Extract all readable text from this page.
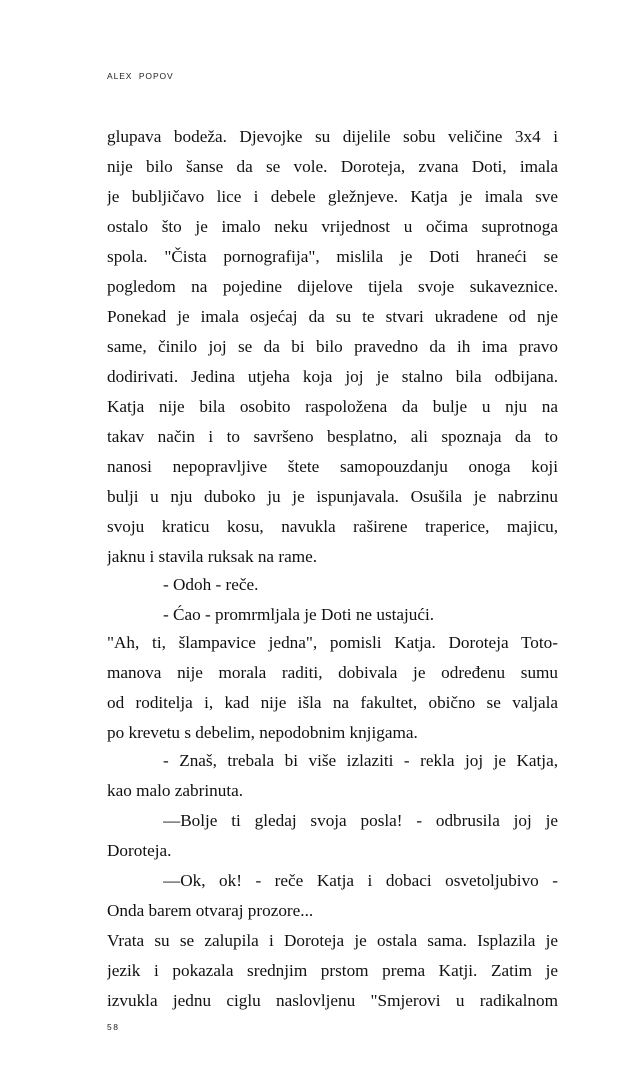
ALEX  POPOV
glupava bodeža. Djevojke su dijelile sobu veličine 3x4 i
nije bilo šanse da se vole. Doroteja, zvana Doti, imala
je bubljičavo lice i debele gležnjeve. Katja je imala sve
ostalo što je imalo neku vrijednost u očima suprotnoga
spola. "Čista pornografija", mislila je Doti hraneći se
pogledom na pojedine dijelove tijela svoje sukaveznice.
Ponekad je imala osjećaj da su te stvari ukradene od nje
same, činilo joj se da bi bilo pravedno da ih ima pravo
dodirivati. Jedina utjeha koja joj je stalno bila odbijana.
Katja nije bila osobito raspoložena da bulje u nju na
takav način i to savršeno besplatno, ali spoznaja da to
nanosi nepopravljive štete samopouzdanju onoga koji
bulji u nju duboko ju je ispunjavala. Osušila je nabrzinu
svoju kraticu kosu, navukla raširene traperice, majicu,
jaknu i stavila ruksak na rame.
- Odoh - reče.
- Ćao - promrmljala je Doti ne ustajući.
"Ah, ti, šlampavice jedna", pomisli Katja. Doroteja Toto-
manova nije morala raditi, dobivala je određenu sumu
od roditelja i, kad nije išla na fakultet, obično se valjala
po krevetu s debelim, nepodobnim knjigama.
- Znaš, trebala bi više izlaziti - rekla joj je Katja,
kao malo zabrinuta.
—Bolje ti gledaj svoja posla! - odbrusila joj je
Doroteja.
—Ok, ok! - reče Katja i dobaci osvetoljubivo -
Onda barem otvaraj prozore...
Vrata su se zalupila i Doroteja je ostala sama. Isplazila je
jezik i pokazala srednjim prstom prema Katji. Zatim je
izvukla jednu ciglu naslovljenu "Smjerovi u radikalnom
58
